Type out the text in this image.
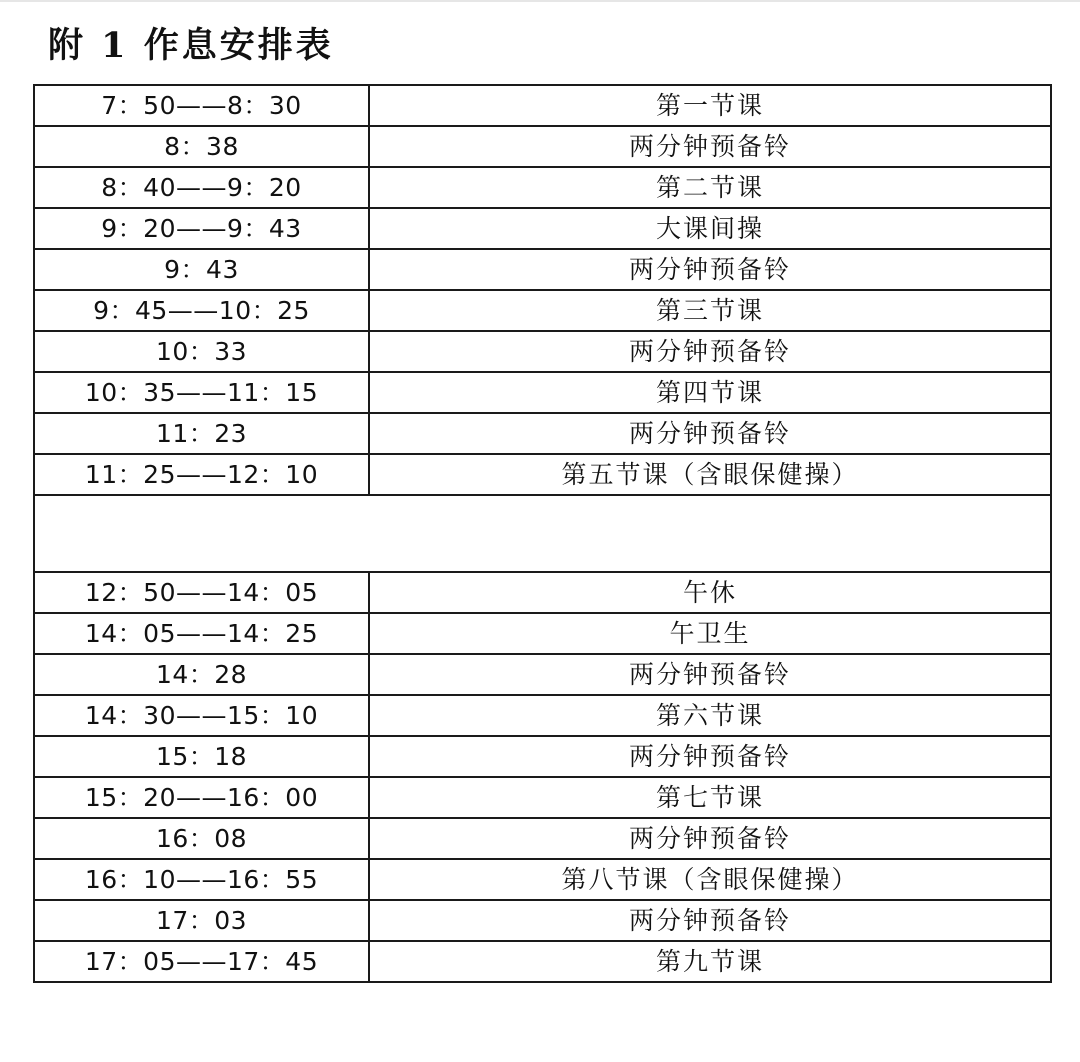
附 1 作息安排表
7：50——8：30	第一节课
8：38	两分钟预备铃
8：40——9：20	第二节课
9：20——9：43	大课间操
9：43	两分钟预备铃
9：45——10：25	第三节课
10：33	两分钟预备铃
10：35——11：15	第四节课
11：23	两分钟预备铃
11：25——12：10	第五节课（含眼保健操）

12：50——14：05	午休
14：05——14：25	午卫生
14：28	两分钟预备铃
14：30——15：10	第六节课
15：18	两分钟预备铃
15：20——16：00	第七节课
16：08	两分钟预备铃
16：10——16：55	第八节课（含眼保健操）
17：03	两分钟预备铃
17：05——17：45	第九节课
